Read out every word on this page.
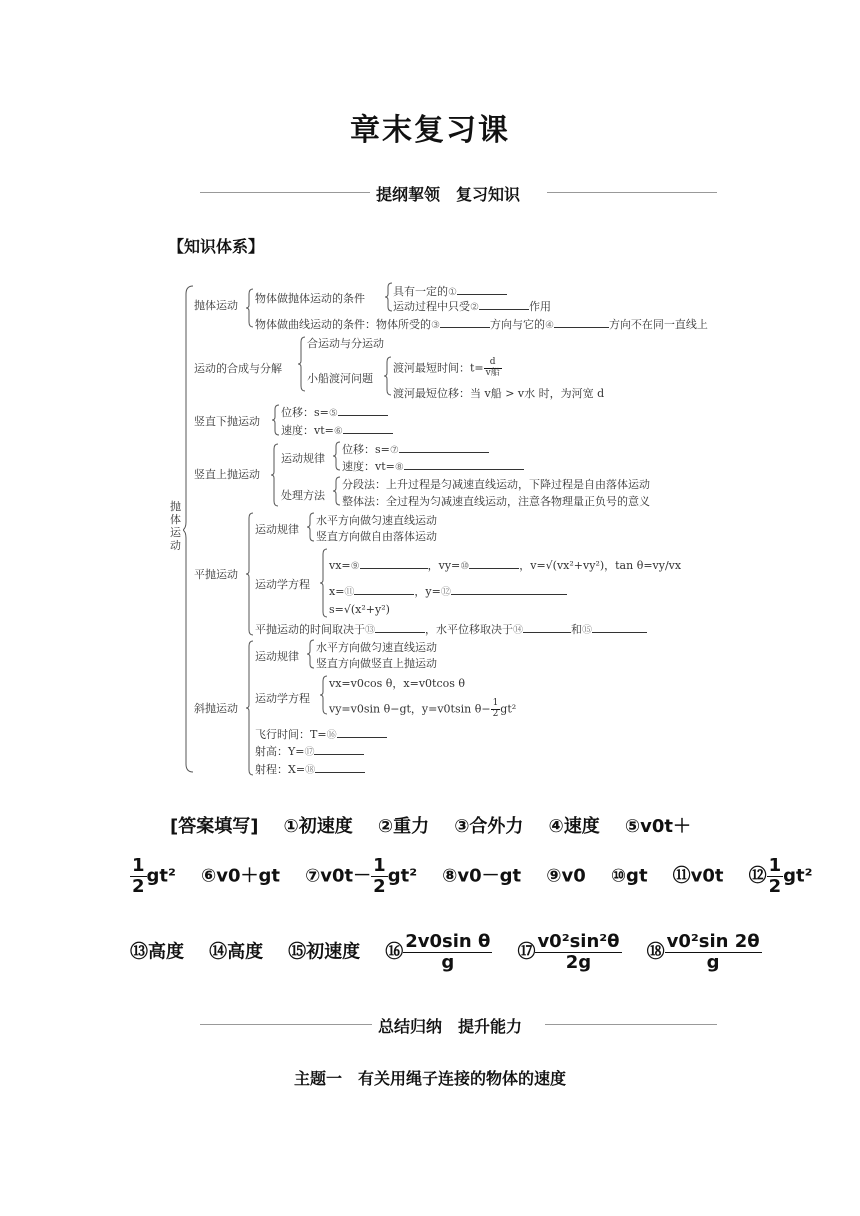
章末复习课
提纲挈领　复习知识
【知识体系】
抛体运动
抛体运动
物体做抛体运动的条件
具有一定的①
运动过程中只受②	作用
物体做曲线运动的条件：物体所受的③	方向与它的④	方向不在同一直线上
运动的合成与分解
合运动与分运动
小船渡河问题
渡河最短时间：$t= \frac{d}{\text{v船}}$
渡河最短位移：当 v船 > v水 时，为河宽 d
竖直下抛运动
位移：s=⑤
速度：vt=⑥
竖直上抛运动
运动规律
位移：s=⑦
速度：vt=⑧
处理方法
分段法：上升过程是匀减速直线运动，下降过程是自由落体运动
整体法：全过程为匀减速直线运动，注意各物理量正负号的意义
平抛运动
运动规律
水平方向做匀速直线运动
竖直方向做自由落体运动
运动学方程
vx=⑨	，vy=⑩	，v=√(vx²+vy²)，tan θ=vy/vx
x=⑪	，y=⑫
s=√(x²+y²)
平抛运动的时间取决于⑬	，水平位移取决于⑭	和⑮
斜抛运动
运动规律
水平方向做匀速直线运动
竖直方向做竖直上抛运动
运动学方程
vx=v0cos θ，x=v0tcos θ
vy=v0sin θ−gt，y=v0tsin $\theta- \frac{1}{2} gt^2$
飞行时间：T=⑯
射高：Y=⑰
射程：X=⑱
[答案填写] ①初速度 ②重力 ③合外力 ④速度 ⑤v0t＋
$\frac{1}{2} gt^2$ ⑥v0＋gt ⑦v0t－ $\frac{1}{2} gt^2$ ⑧v0－gt ⑨v0 ⑩gt ⑪v0t ⑫ $\frac{1}{2} gt^2$
⑬高度 ⑭高度 ⑮初速度 ⑯ $\frac{\text{2v0sin θ}}{g}$ ⑰ $\frac{\text{v0²sin²θ}}{2g}$ ⑱ $\frac{\text{v0²sin 2θ}}{g}$
总结归纳　提升能力
主题一　有关用绳子连接的物体的速度
